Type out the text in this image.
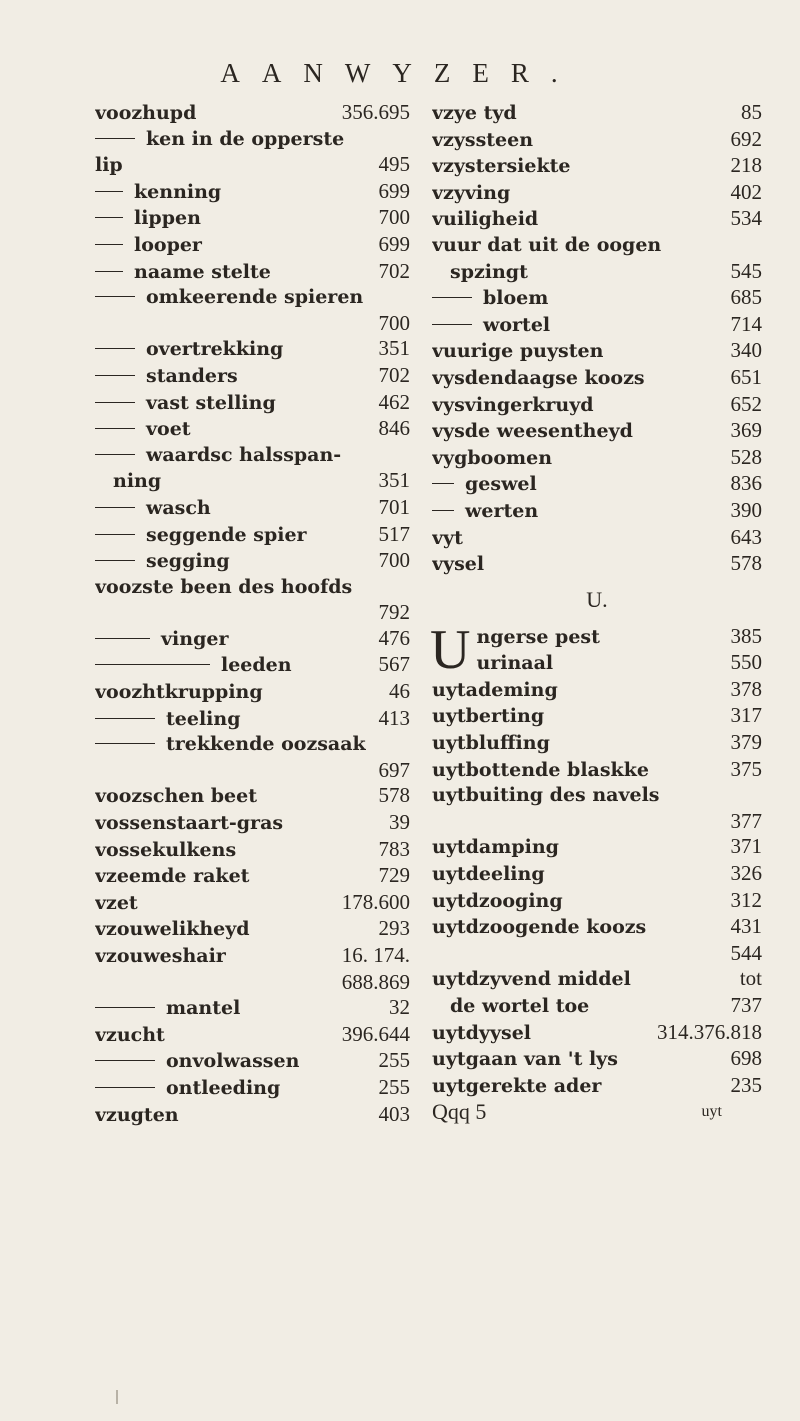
AANWYZER.
voozhupd	356.695
ken in de opperste
lip	495
kenning	699
lippen	700
looper	699
naame stelte	702
omkeerende spieren
700
overtrekking	351
standers	702
vast stelling	462
voet	846
waardsc halsspan-
ning	351
wasch	701
seggende spier	517
segging	700
voozste been des hoofds
792
vinger	476
leeden	567
voozhtkrupping	46
teeling	413
trekkende oozsaak
697
voozschen beet	578
vossenstaart-gras	39
vossekulkens	783
vzeemde raket	729
vzet	178.600
vzouwelikheyd	293
vzouweshair	16. 174.
688.869
mantel	32
vzucht	396.644
onvolwassen	255
ontleeding	255
vzugten	403
vzye tyd	85
vzyssteen	692
vzystersiekte	218
vzyving	402
vuiligheid	534
vuur dat uit de oogen
spzingt	545
bloem	685
wortel	714
vuurige puysten	340
vysdendaagse koozs	651
vysvingerkruyd	652
vysde weesentheyd	369
vygboomen	528
geswel	836
werten	390
vyt	643
vysel	578
U.
U ngerse pest	385
urinaal	550
uytademing	378
uytberting	317
uytbluffing	379
uytbottende blaskke	375
uytbuiting des navels
377
uytdamping	371
uytdeeling	326
uytdzooging	312
uytdzoogende koozs	431
544
uytdzyvend middel	tot
de wortel toe	737
uytdyysel	314.376.818
uytgaan van 't lys	698
uytgerekte ader	235
Qqq 5	uyt
